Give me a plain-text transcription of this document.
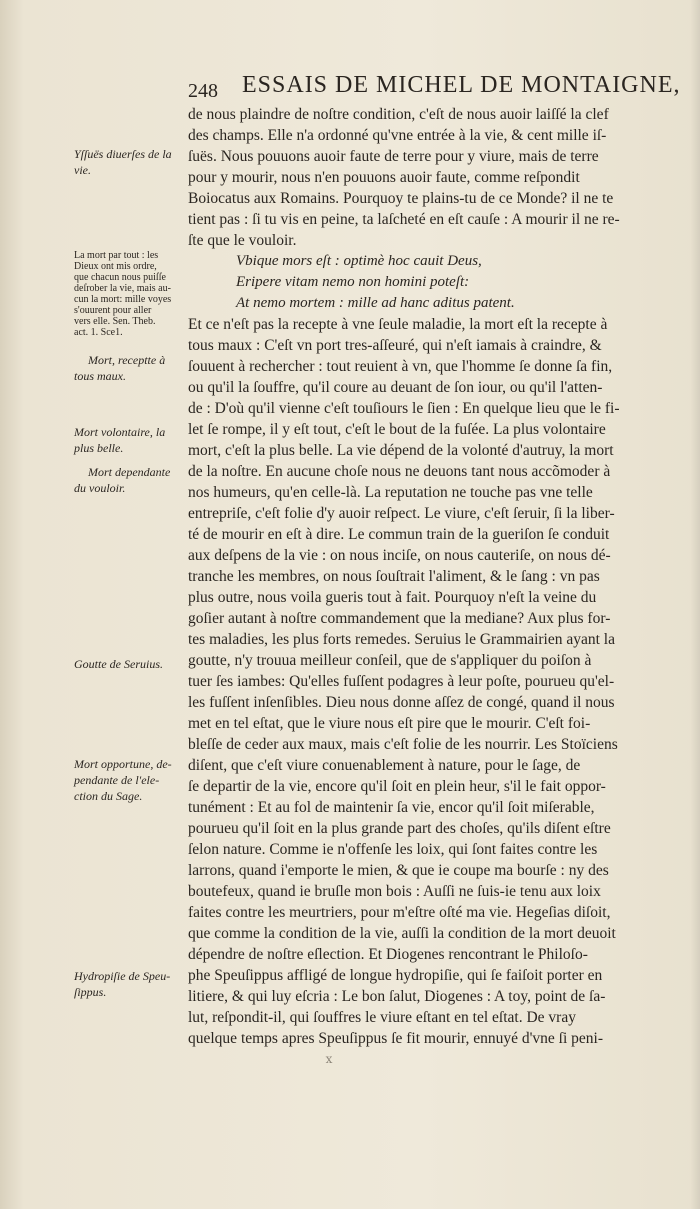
248 ESSAIS DE MICHEL DE MONTAIGNE,
Yſſuës diuerſes de la
vie.
La mort par tout : les
Dieux ont mis ordre,
que chacun nous puiſſe
deſrober la vie, mais au-
cun la mort: mille voyes
s'ouurent pour aller
vers elle. Sen. Theb.
act. 1. Sce1.
Mort, receptte à
tous maux.
Mort volontaire, la
plus belle.
Mort dependante
du vouloir.
Goutte de Seruius.
Mort opportune, de-
pendante de l'ele-
ction du Sage.
Hydropiſie de Speu-
ſippus.
de nous plaindre de noſtre condition, c'eſt de nous auoir laiſſé la clef
des champs. Elle n'a ordonné qu'vne entrée à la vie, & cent mille iſ-
ſuës. Nous pouuons auoir faute de terre pour y viure, mais de terre
pour y mourir, nous n'en pouuons auoir faute, comme reſpondit
Boiocatus aux Romains. Pourquoy te plains-tu de ce Monde? il ne te
tient pas : ſi tu vis en peine, ta laſcheté en eſt cauſe : A mourir il ne re-
ſte que le vouloir.
Vbique mors eſt : optimè hoc cauit Deus,
Eripere vitam nemo non homini poteſt:
At nemo mortem : mille ad hanc aditus patent.
Et ce n'eſt pas la recepte à vne ſeule maladie, la mort eſt la recepte à
tous maux : C'eſt vn port tres-aſſeuré, qui n'eſt iamais à craindre, &
ſouuent à rechercher : tout reuient à vn, que l'homme ſe donne ſa fin,
ou qu'il la ſouffre, qu'il coure au deuant de ſon iour, ou qu'il l'atten-
de : D'où qu'il vienne c'eſt touſiours le ſien : En quelque lieu que le fi-
let ſe rompe, il y eſt tout, c'eſt le bout de la fuſée. La plus volontaire
mort, c'eſt la plus belle. La vie dépend de la volonté d'autruy, la mort
de la noſtre. En aucune choſe nous ne deuons tant nous accõmoder à
nos humeurs, qu'en celle-là. La reputation ne touche pas vne telle
entrepriſe, c'eſt folie d'y auoir reſpect. Le viure, c'eſt ſeruir, ſi la liber-
té de mourir en eſt à dire. Le commun train de la gueriſon ſe conduit
aux deſpens de la vie : on nous inciſe, on nous cauteriſe, on nous dé-
tranche les membres, on nous ſouſtrait l'aliment, & le ſang : vn pas
plus outre, nous voila gueris tout à fait. Pourquoy n'eſt la veine du
goſier autant à noſtre commandement que la mediane? Aux plus for-
tes maladies, les plus forts remedes. Seruius le Grammairien ayant la
goutte, n'y trouua meilleur conſeil, que de s'appliquer du poiſon à
tuer ſes iambes: Qu'elles fuſſent podagres à leur poſte, pourueu qu'el-
les fuſſent inſenſibles. Dieu nous donne aſſez de congé, quand il nous
met en tel eſtat, que le viure nous eſt pire que le mourir. C'eſt foi-
bleſſe de ceder aux maux, mais c'eſt folie de les nourrir. Les Stoïciens
diſent, que c'eſt viure conuenablement à nature, pour le ſage, de
ſe departir de la vie, encore qu'il ſoit en plein heur, s'il le fait oppor-
tunément : Et au fol de maintenir ſa vie, encor qu'il ſoit miſerable,
pourueu qu'il ſoit en la plus grande part des choſes, qu'ils diſent eſtre
ſelon nature. Comme ie n'offenſe les loix, qui ſont faites contre les
larrons, quand i'emporte le mien, & que ie coupe ma bourſe : ny des
boutefeux, quand ie bruſle mon bois : Auſſi ne ſuis-ie tenu aux loix
faites contre les meurtriers, pour m'eſtre oſté ma vie. Hegeſias diſoit,
que comme la condition de la vie, auſſi la condition de la mort deuoit
dépendre de noſtre eſlection. Et Diogenes rencontrant le Philoſo-
phe Speuſippus affligé de longue hydropiſie, qui ſe faiſoit porter en
litiere, & qui luy eſcria : Le bon ſalut, Diogenes : A toy, point de ſa-
lut, reſpondit-il, qui ſouffres le viure eſtant en tel eſtat. De vray
quelque temps apres Speuſippus ſe fit mourir, ennuyé d'vne ſi peni-
x
